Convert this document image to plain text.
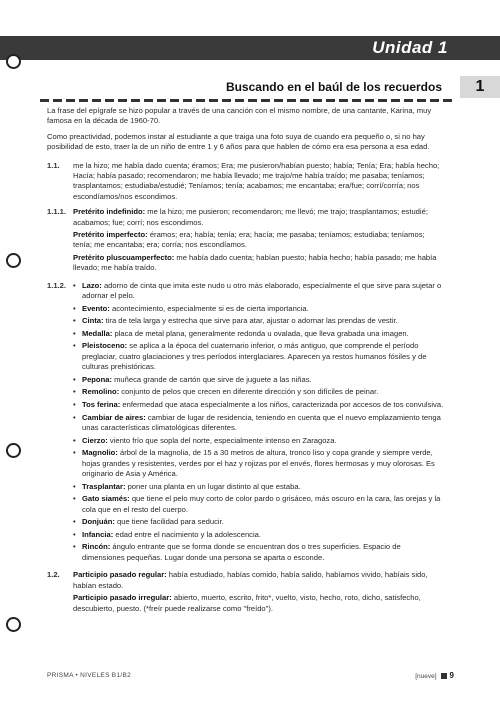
Unidad 1
Buscando en el baúl de los recuerdos	1

La frase del epígrafe se hizo popular a través de una canción con el mismo nombre, de una cantante, Karina, muy famosa en la década de 1960-70.

Como preactividad, podemos instar al estudiante a que traiga una foto suya de cuando era pequeño o, si no hay posibilidad de esto, traer la de un niño de entre 1 y 6 años para que hablen de cómo era esa persona a esa edad.

1.1.	me la hizo; me había dado cuenta; éramos; Era; me pusieron/habían puesto; había; Tenía; Era; había hecho; Hacía; había pasado; recomendaron; me había llevado; me trajo/me había traído; me pasaba; teníamos; trasplantamos; estudiaba/estudié; Teníamos; tenía; acabamos; me encantaba; era/fue; corrí/corría; nos escondíamos/nos escondimos.
1.1.1. Pretérito indefinido: me la hizo; me pusieron; recomendaron; me llevó; me trajo; trasplantamos; estudié; acabamos; fue; corrí; nos escondimos.

Pretérito imperfecto: éramos; era; había; tenía; era; hacía; me pasaba; teníamos; estudiaba; teníamos; tenía; me encantaba; era; corría; nos escondíamos.

Pretérito pluscuamperfecto: me había dado cuenta; habían puesto; había hecho; había pasado; me había llevado; me había traído.

1.1.2.
•	Lazo: adorno de cinta que imita este nudo u otro más elaborado, especialmente el que sirve para sujetar o adornar el pelo.
• Evento: acontecimiento, especialmente si es de cierta importancia.
• Cinta: tira de tela larga y estrecha que sirve para atar, ajustar o adornar las prendas de vestir.
• Medalla: placa de metal plana, generalmente redonda u ovalada, que lleva grabada una imagen.
• Pleistoceno: se aplica a la época del cuaternario inferior, o más antiguo, que comprende el período preglaciar, cuatro glaciaciones y tres períodos interglaciares. Aparecen ya restos humanos fósiles y de culturas prehistóricas.
• Pepona: muñeca grande de cartón que sirve de juguete a las niñas.
• Remolino: conjunto de pelos que crecen en diferente dirección y son difíciles de peinar.
• Tos ferina: enfermedad que ataca especialmente a los niños, caracterizada por accesos de tos convulsiva.
• Cambiar de aires: cambiar de lugar de residencia, teniendo en cuenta que el nuevo emplazamiento tenga unas características climatológicas diferentes.
• Cierzo: viento frío que sopla del norte, especialmente intenso en Zaragoza.
• Magnolio: árbol de la magnolia, de 15 a 30 metros de altura, tronco liso y copa grande y siempre verde, hojas grandes y resistentes, verdes por el haz y rojizas por el envés, flores hermosas y muy olorosas. Es originario de Asia y América.
• Trasplantar: poner una planta en un lugar distinto al que estaba.
• Gato siamés: que tiene el pelo muy corto de color pardo o grisáceo, más oscuro en la cara, las orejas y la cola que en el resto del cuerpo.
• Donjuán: que tiene facilidad para seducir.
• Infancia: edad entre el nacimiento y la adolescencia.
• Rincón: ángulo entrante que se forma donde se encuentran dos o tres superficies. Espacio de dimensiones pequeñas. Lugar donde una persona se aparta o esconde.
1.2.	Participio pasado regular: había estudiado, habías comido, había salido, habíamos vivido, habíais sido, habían estado.

Participio pasado irregular: abierto, muerto, escrito, frito*, vuelto, visto, hecho, roto, dicho, satisfecho, descubierto, puesto. (*freír puede realizarse como "freído").

PRISMA • NIVELES B1/B2	[nueve] 9
